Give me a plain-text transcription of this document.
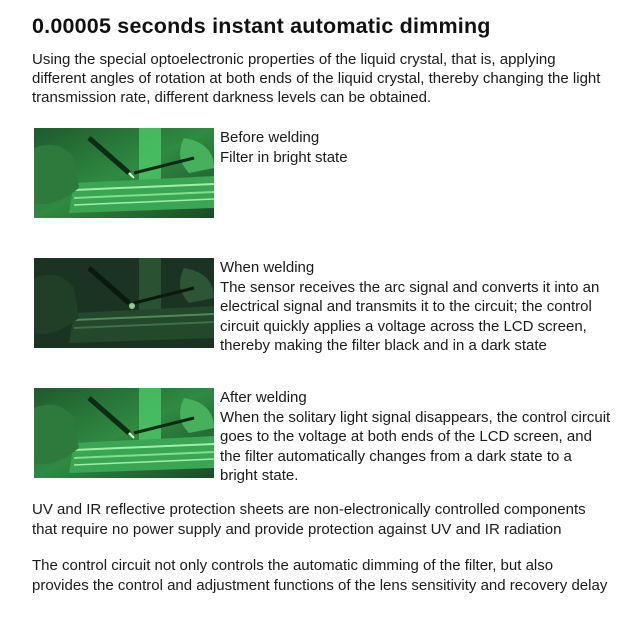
0.00005 seconds instant automatic dimming

Using the special optoelectronic properties of the liquid crystal, that is, applying different angles of rotation at both ends of the liquid crystal, thereby changing the light transmission rate, different darkness levels can be obtained.

Before welding
Filter in bright state
When welding
The sensor receives the arc signal and converts it into an electrical signal and transmits it to the circuit; the control circuit quickly applies a voltage across the LCD screen, thereby making the filter black and in a dark state
After welding
When the solitary light signal disappears, the control circuit goes to the voltage at both ends of the LCD screen, and the filter automatically changes from a dark state to a bright state.

UV and IR reflective protection sheets are non-electronically controlled components that require no power supply and provide protection against UV and IR radiation

The control circuit not only controls the automatic dimming of the filter, but also provides the control and adjustment functions of the lens sensitivity and recovery delay
